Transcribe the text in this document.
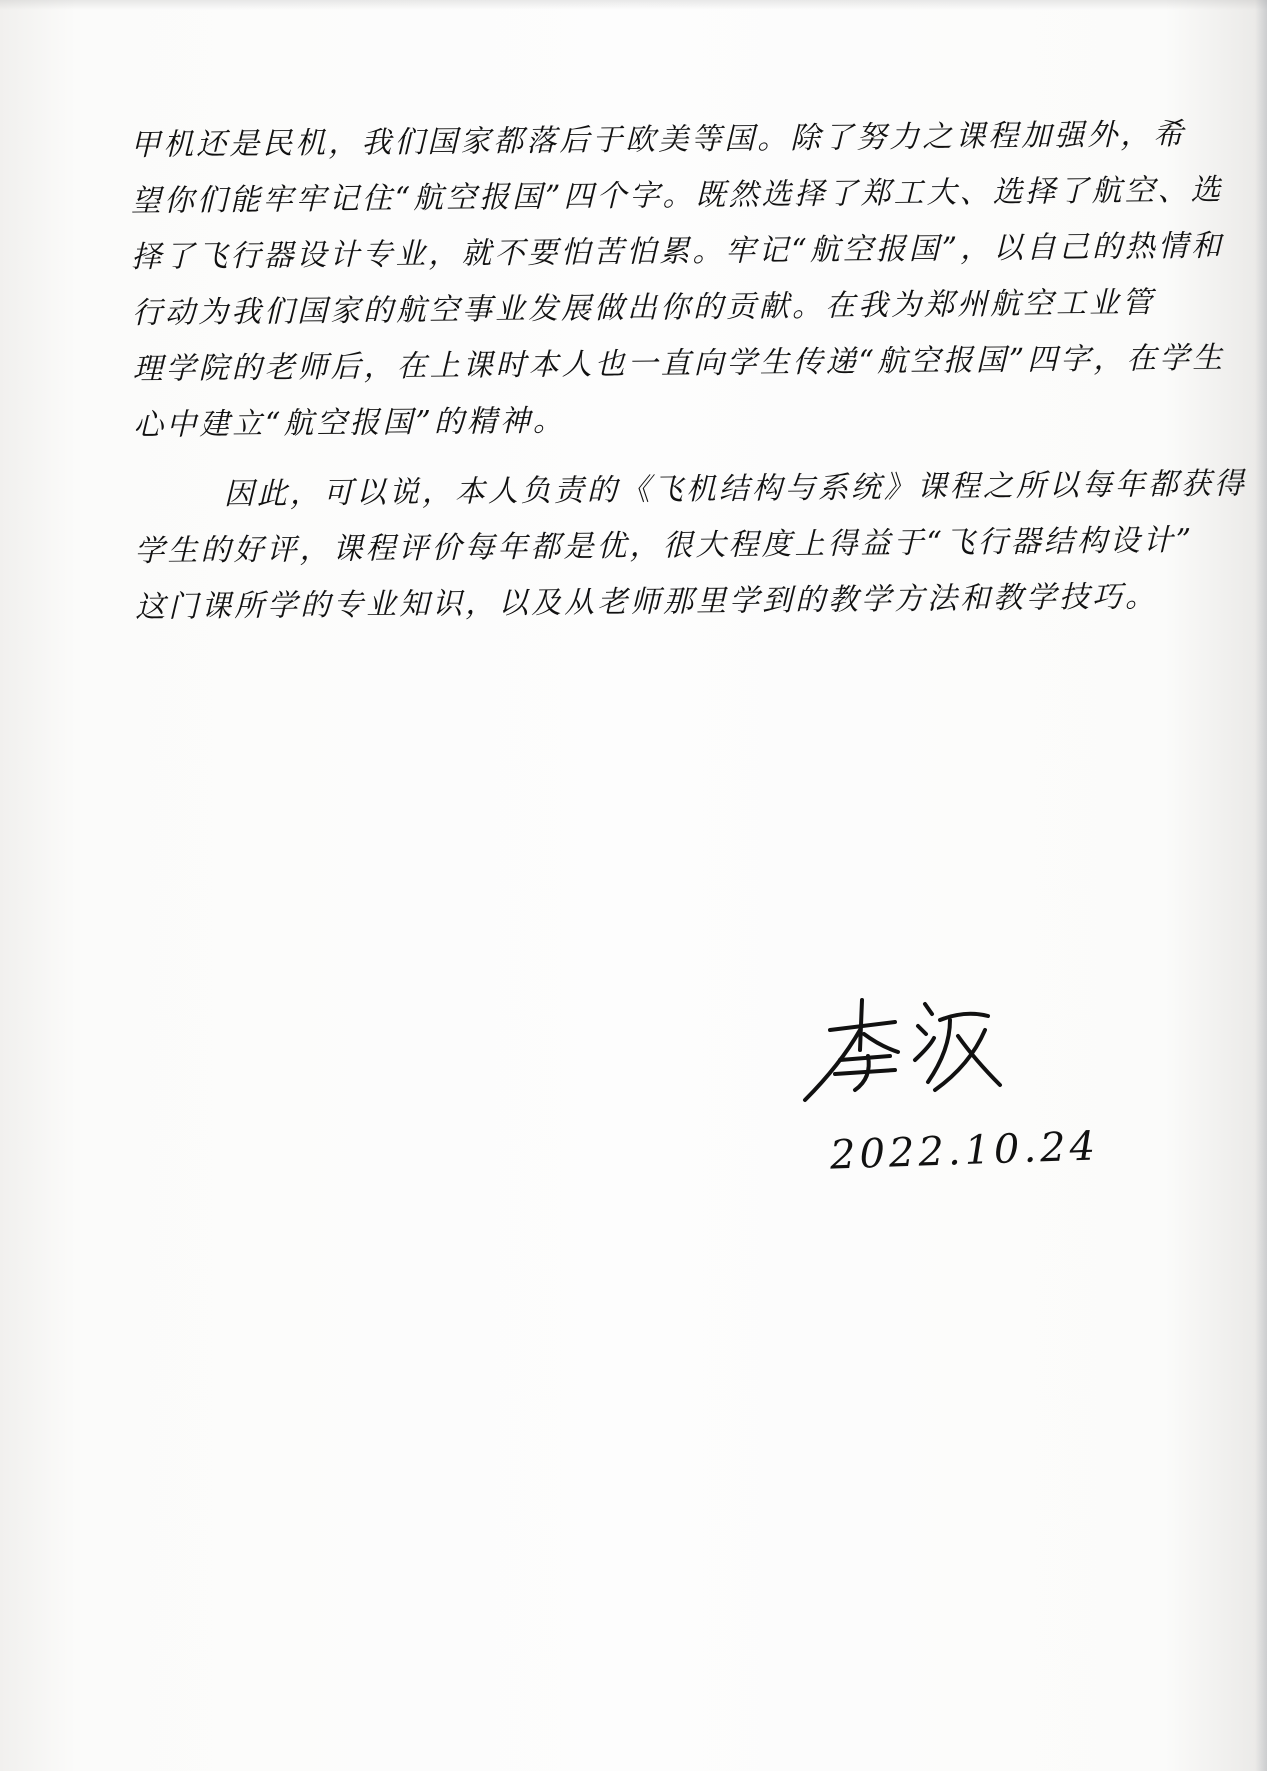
甲机还是民机，我们国家都落后于欧美等国。除了努力之课程加强外，希
望你们能牢牢记住“航空报国”四个字。既然选择了郑工大、选择了航空、选
择了飞行器设计专业，就不要怕苦怕累。牢记“航空报国”，以自己的热情和
行动为我们国家的航空事业发展做出你的贡献。在我为郑州航空工业管
理学院的老师后，在上课时本人也一直向学生传递“航空报国”四字，在学生
心中建立“航空报国”的精神。
因此，可以说，本人负责的《飞机结构与系统》课程之所以每年都获得
学生的好评，课程评价每年都是优，很大程度上得益于“飞行器结构设计”
这门课所学的专业知识，以及从老师那里学到的教学方法和教学技巧。
2022.10.24
